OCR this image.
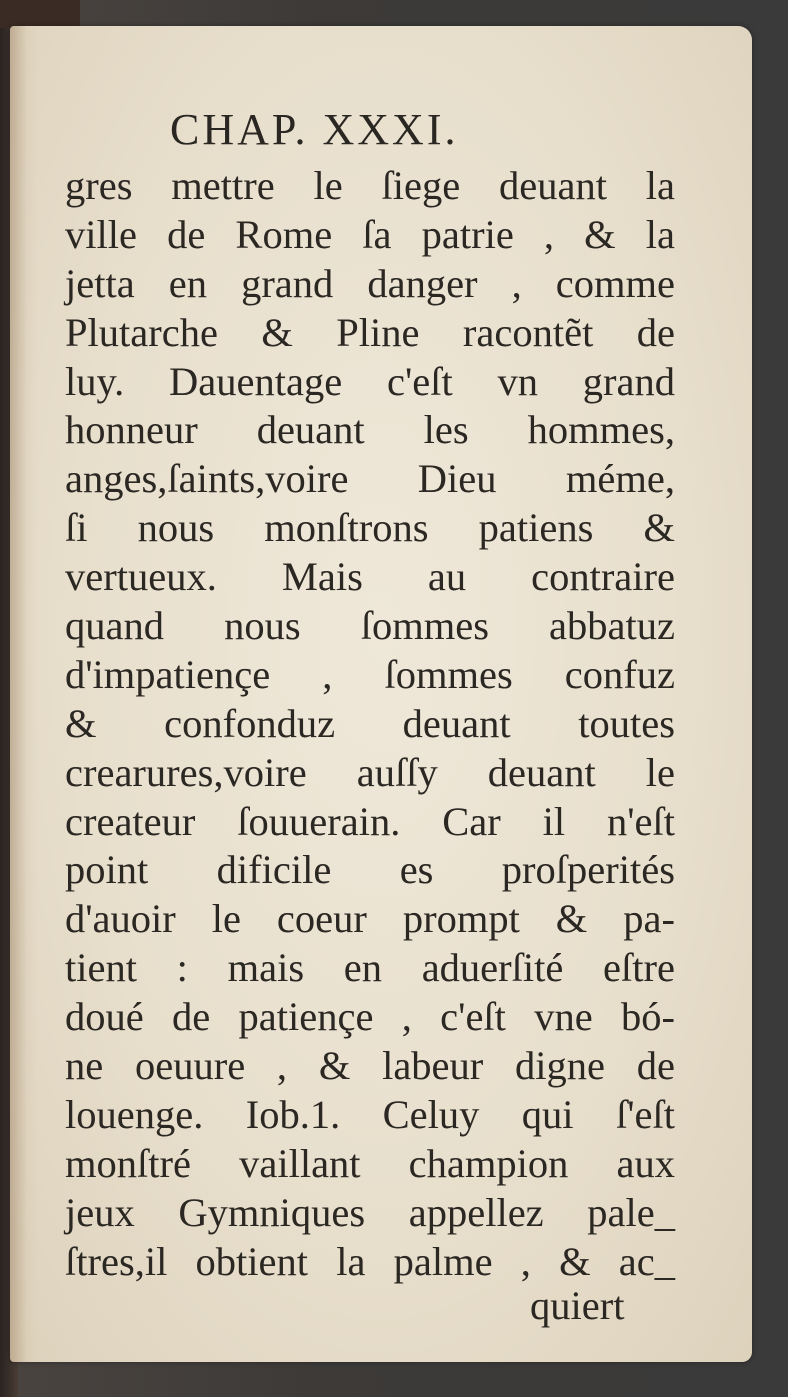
CHAP. XXXI.
gres mettre le ſiege deuant la
ville de Rome ſa patrie , & la
jetta en grand danger , comme
Plutarche & Pline racontẽt de
luy. Dauentage c'eſt vn grand
honneur deuant les hommes,
anges,ſaints,voire Dieu méme,
ſi nous monſtrons patiens &
vertueux. Mais au contraire
quand nous ſommes abbatuz
d'impatiençe , ſommes confuz
& confonduz deuant toutes
crearures,voire auſſy deuant le
createur ſouuerain. Car il n'eſt
point dificile es proſperités
d'auoir le coeur prompt & pa-
tient : mais en aduerſité eſtre
doué de patiençe , c'eſt vne bó-
ne oeuure , & labeur digne de
louenge. Iob.1. Celuy qui ſ'eſt
monſtré vaillant champion aux
jeux Gymniques appellez pale_
ſtres,il obtient la palme , & ac_
quiert
